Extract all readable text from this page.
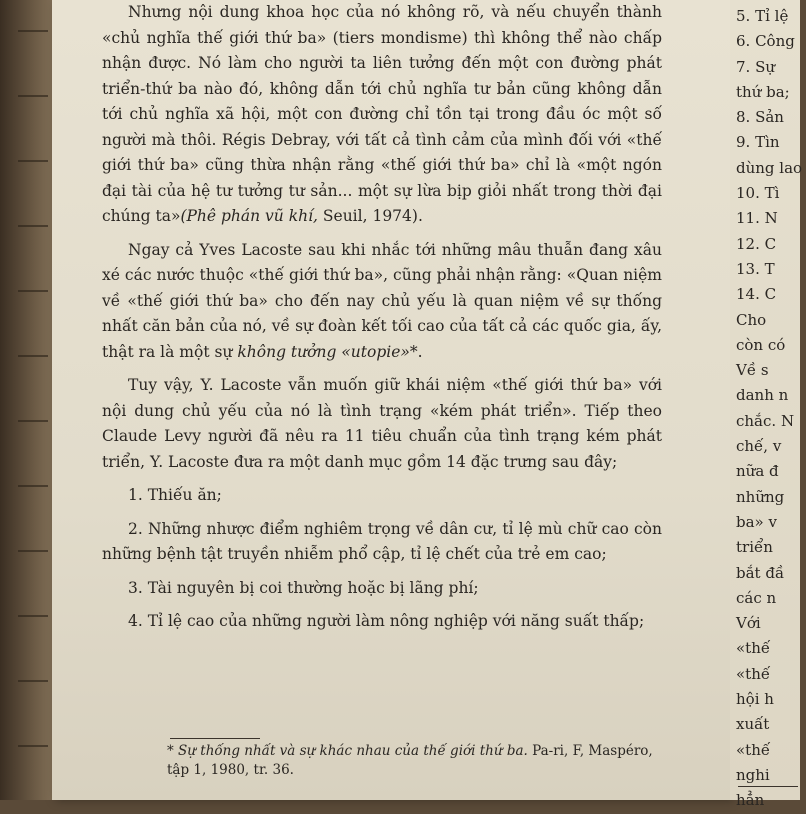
Nhưng nội dung khoa học của nó không rõ, và nếu chuyển thành «chủ nghĩa thế giới thứ ba» (tiers mondisme) thì không thể nào chấp nhận được. Nó làm cho người ta liên tưởng đến một con đường phát triển-thứ ba nào đó, không dẫn tới chủ nghĩa tư bản cũng không dẫn tới chủ nghĩa xã hội, một con đường chỉ tồn tại trong đầu óc một số người mà thôi. Régis Debray, với tất cả tình cảm của mình đối với «thế giới thứ ba» cũng thừa nhận rằng «thế giới thứ ba» chỉ là «một ngón đại tài của hệ tư tưởng tư sản... một sự lừa bịp giỏi nhất trong thời đại chúng ta»(Phê phán vũ khí, Seuil, 1974).

Ngay cả Yves Lacoste sau khi nhắc tới những mâu thuẫn đang xâu xé các nước thuộc «thế giới thứ ba», cũng phải nhận rằng: «Quan niệm về «thế giới thứ ba» cho đến nay chủ yếu là quan niệm về sự thống nhất căn bản của nó, về sự đoàn kết tối cao của tất cả các quốc gia, ấy, thật ra là một sự không tưởng «utopie»*.

Tuy vậy, Y. Lacoste vẫn muốn giữ khái niệm «thế giới thứ ba» với nội dung chủ yếu của nó là tình trạng «kém phát triển». Tiếp theo Claude Levy người đã nêu ra 11 tiêu chuẩn của tình trạng kém phát triển, Y. Lacoste đưa ra một danh mục gồm 14 đặc trưng sau đây;

1. Thiếu ăn;

2. Những nhược điểm nghiêm trọng về dân cư, tỉ lệ mù chữ cao còn những bệnh tật truyền nhiễm phổ cập, tỉ lệ chết của trẻ em cao;

3. Tài nguyên bị coi thường hoặc bị lãng phí;

4. Tỉ lệ cao của những người làm nông nghiệp với năng suất thấp;

* Sự thống nhất và sự khác nhau của thế giới thứ ba. Pa-ri, F, Maspéro, tập 1, 1980, tr. 36.
5. Tỉ lệ
6. Công
7. Sự
thứ ba;
8. Sản
9. Tìn
dùng lao
10. Tì
11. N
12. C
13. T
14. C
Cho
còn có
Về s
danh n
chắc. N
chế, v
nữa đ
những
ba» v
triển
bắt đầ
các n
Với
«thế
«thế
hội h
xuất
«thế
nghi
hẳn
